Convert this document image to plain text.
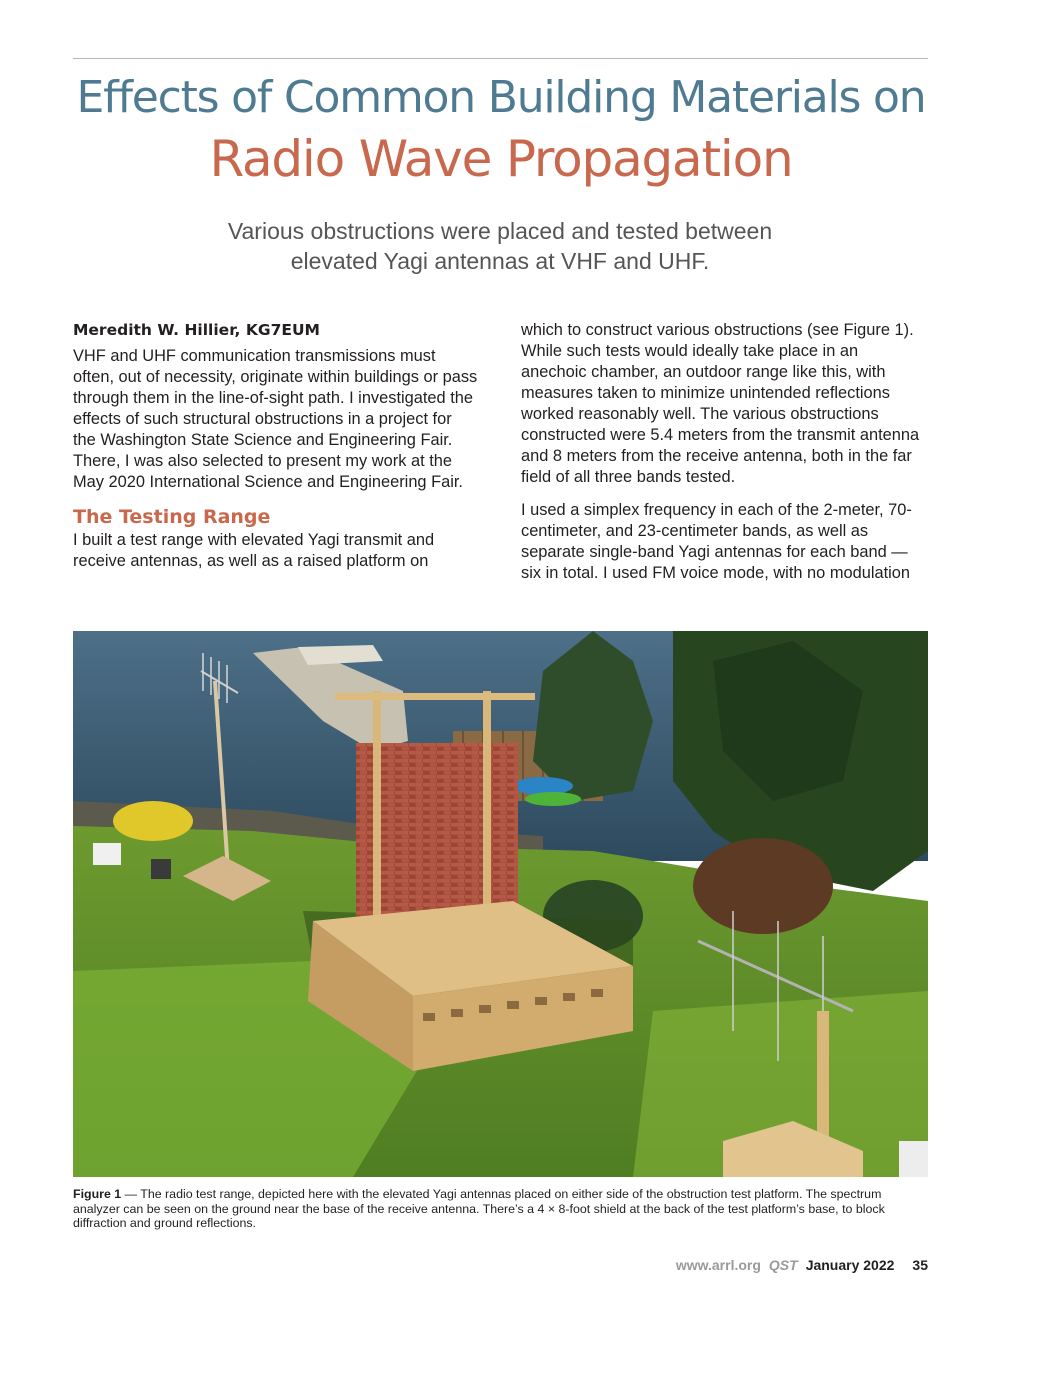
Effects of Common Building Materials on
Radio Wave Propagation
Various obstructions were placed and tested between
elevated Yagi antennas at VHF and UHF.
Meredith W. Hillier, KG7EUM

VHF and UHF communication transmissions must often, out of necessity, originate within buildings or pass through them in the line-of-sight path. I investigated the effects of such structural obstructions in a project for the Washington State Science and Engineering Fair. There, I was also selected to present my work at the May 2020 International Science and Engineering Fair.

The Testing Range

I built a test range with elevated Yagi transmit and receive antennas, as well as a raised platform on

which to construct various obstructions (see Figure 1). While such tests would ideally take place in an anechoic chamber, an outdoor range like this, with measures taken to minimize unintended reflections worked reasonably well. The various obstructions constructed were 5.4 meters from the transmit antenna and 8 meters from the receive antenna, both in the far field of all three bands tested.

I used a simplex frequency in each of the 2-meter, 70-centimeter, and 23-centimeter bands, as well as separate single-band Yagi antennas for each band — six in total. I used FM voice mode, with no modulation

Figure 1 — The radio test range, depicted here with the elevated Yagi antennas placed on either side of the obstruction test platform. The spectrum analyzer can be seen on the ground near the base of the receive antenna. There’s a 4 × 8-foot shield at the back of the test platform’s base, to block diffraction and ground reflections.
www.arrl.org QST January 2022 35
